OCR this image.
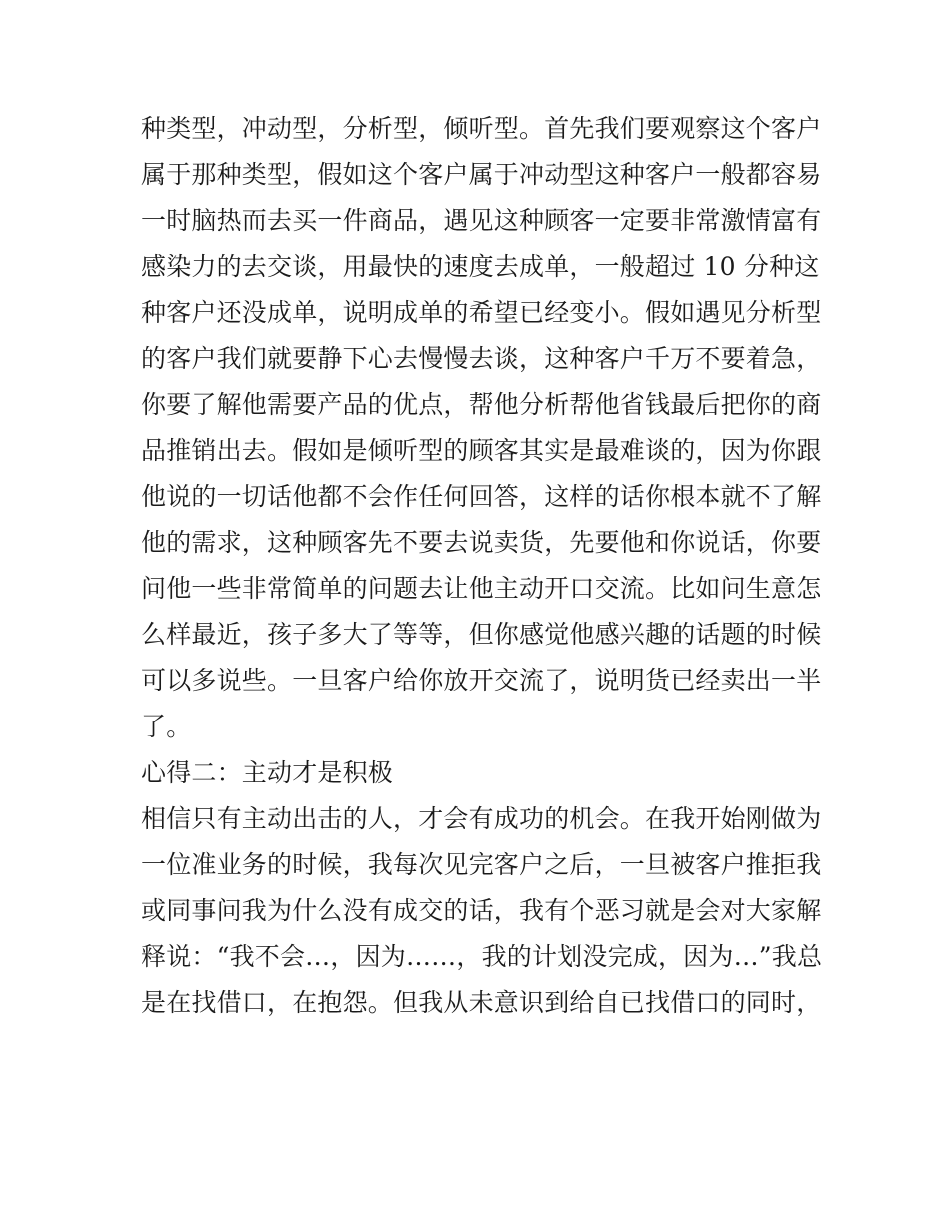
种类型，冲动型，分析型，倾听型。首先我们要观察这个客户
属于那种类型，假如这个客户属于冲动型这种客户一般都容易
一时脑热而去买一件商品，遇见这种顾客一定要非常激情富有
感染力的去交谈，用最快的速度去成单，一般超过 10 分种这
种客户还没成单，说明成单的希望已经变小。假如遇见分析型
的客户我们就要静下心去慢慢去谈，这种客户千万不要着急，
你要了解他需要产品的优点，帮他分析帮他省钱最后把你的商
品推销出去。假如是倾听型的顾客其实是最难谈的，因为你跟
他说的一切话他都不会作任何回答，这样的话你根本就不了解
他的需求，这种顾客先不要去说卖货，先要他和你说话，你要
问他一些非常简单的问题去让他主动开口交流。比如问生意怎
么样最近，孩子多大了等等，但你感觉他感兴趣的话题的时候
可以多说些。一旦客户给你放开交流了，说明货已经卖出一半
了。
心得二：主动才是积极
相信只有主动出击的人，才会有成功的机会。在我开始刚做为
一位准业务的时候，我每次见完客户之后，一旦被客户推拒我
或同事问我为什么没有成交的话，我有个恶习就是会对大家解
释说：“我不会…，因为……，我的计划没完成，因为…”我总
是在找借口，在抱怨。但我从未意识到给自已找借口的同时，
